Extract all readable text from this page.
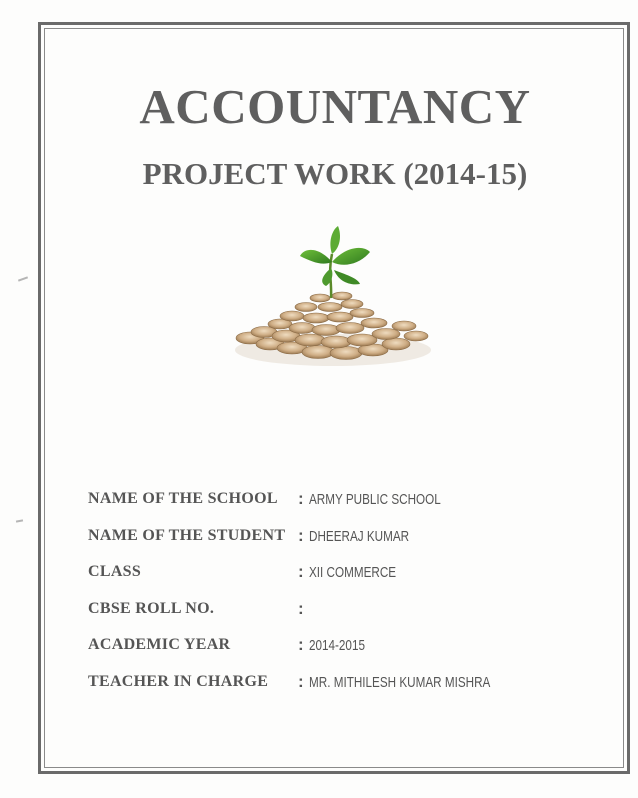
ACCOUNTANCY
PROJECT WORK (2014-15)
NAME OF THE SCHOOL : ARMY PUBLIC SCHOOL
NAME OF THE STUDENT : DHEERAJ KUMAR
CLASS	: XII COMMERCE
CBSE ROLL NO.	:
ACADEMIC YEAR	: 2014-2015
TEACHER IN CHARGE : MR. MITHILESH KUMAR MISHRA
